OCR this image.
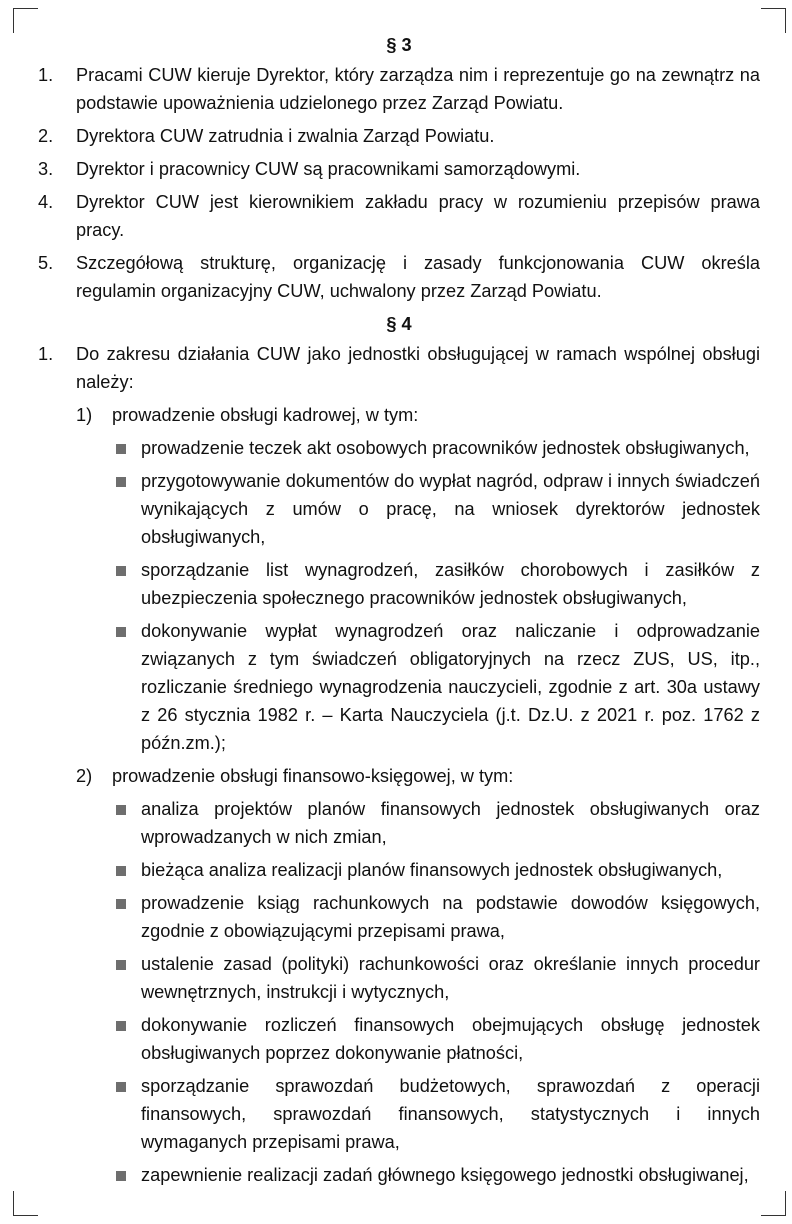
§ 3

1. Pracami CUW kieruje Dyrektor, który zarządza nim i reprezentuje go na zewnątrz na podstawie upoważnienia udzielonego przez Zarząd Powiatu.
2. Dyrektora CUW zatrudnia i zwalnia Zarząd Powiatu.
3. Dyrektor i pracownicy CUW są pracownikami samorządowymi.
4. Dyrektor CUW jest kierownikiem zakładu pracy w rozumieniu przepisów prawa pracy.
5. Szczegółową strukturę, organizację i zasady funkcjonowania CUW określa regulamin organizacyjny CUW, uchwalony przez Zarząd Powiatu.

§ 4

1. Do zakresu działania CUW jako jednostki obsługującej w ramach wspólnej obsługi należy:
1) prowadzenie obsługi kadrowej, w tym:
prowadzenie teczek akt osobowych pracowników jednostek obsługiwanych,
przygotowywanie dokumentów do wypłat nagród, odpraw i innych świadczeń wynikających z umów o pracę, na wniosek dyrektorów jednostek obsługiwanych,
sporządzanie list wynagrodzeń, zasiłków chorobowych i zasiłków z ubezpieczenia społecznego pracowników jednostek obsługiwanych,
dokonywanie wypłat wynagrodzeń oraz naliczanie i odprowadzanie związanych z tym świadczeń obligatoryjnych na rzecz ZUS, US, itp., rozliczanie średniego wynagrodzenia nauczycieli, zgodnie z art. 30a ustawy z 26 stycznia 1982 r. – Karta Nauczyciela (j.t. Dz.U. z 2021 r. poz. 1762 z późn.zm.);
2) prowadzenie obsługi finansowo-księgowej, w tym:
analiza projektów planów finansowych jednostek obsługiwanych oraz wprowadzanych w nich zmian,
bieżąca analiza realizacji planów finansowych jednostek obsługiwanych,
prowadzenie ksiąg rachunkowych na podstawie dowodów księgowych, zgodnie z obowiązującymi przepisami prawa,
ustalenie zasad (polityki) rachunkowości oraz określanie innych procedur wewnętrznych, instrukcji i wytycznych,
dokonywanie rozliczeń finansowych obejmujących obsługę jednostek obsługiwanych poprzez dokonywanie płatności,
sporządzanie sprawozdań budżetowych, sprawozdań z operacji finansowych, sprawozdań finansowych, statystycznych i innych wymaganych przepisami prawa,
zapewnienie realizacji zadań głównego księgowego jednostki obsługiwanej,
